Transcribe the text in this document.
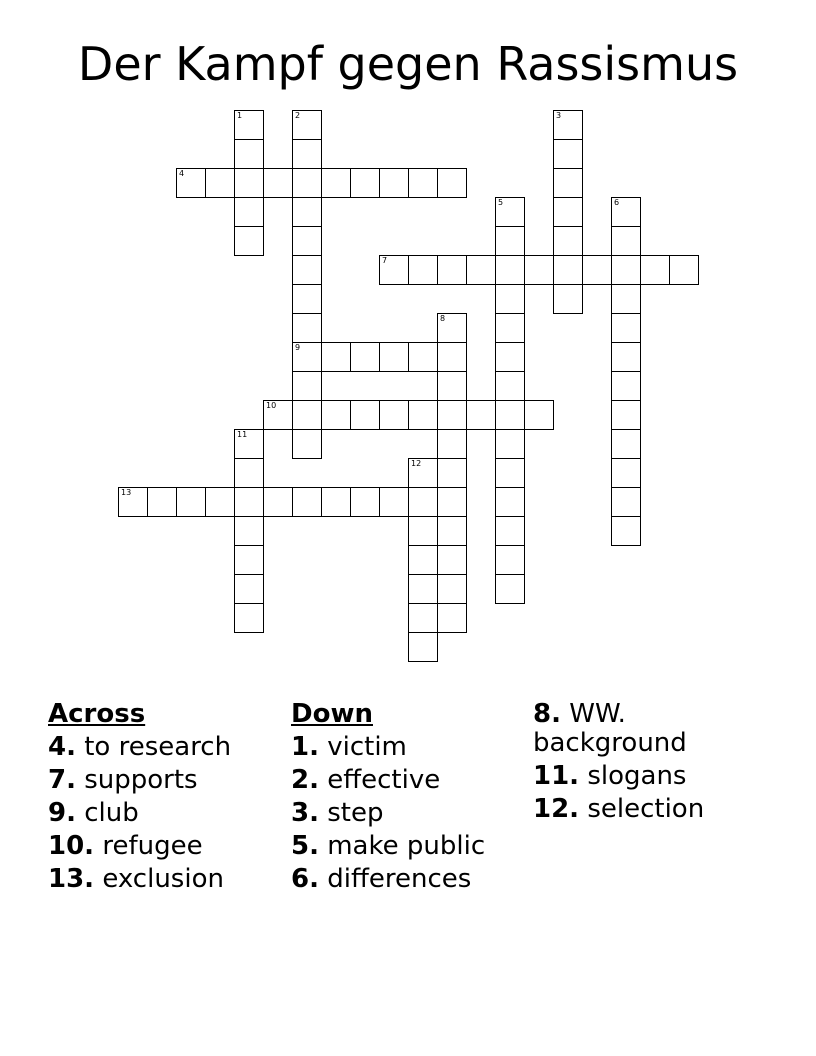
Der Kampf gegen Rassismus
1	2
9
3
4
5	6
7
8
10
11
12
13
Across
4. to research
7. supports
9. club
10. refugee
13. exclusion
Down
1. victim
2. effective
3. step
5. make public
6. differences
8. WW. background
11. slogans
12. selection
